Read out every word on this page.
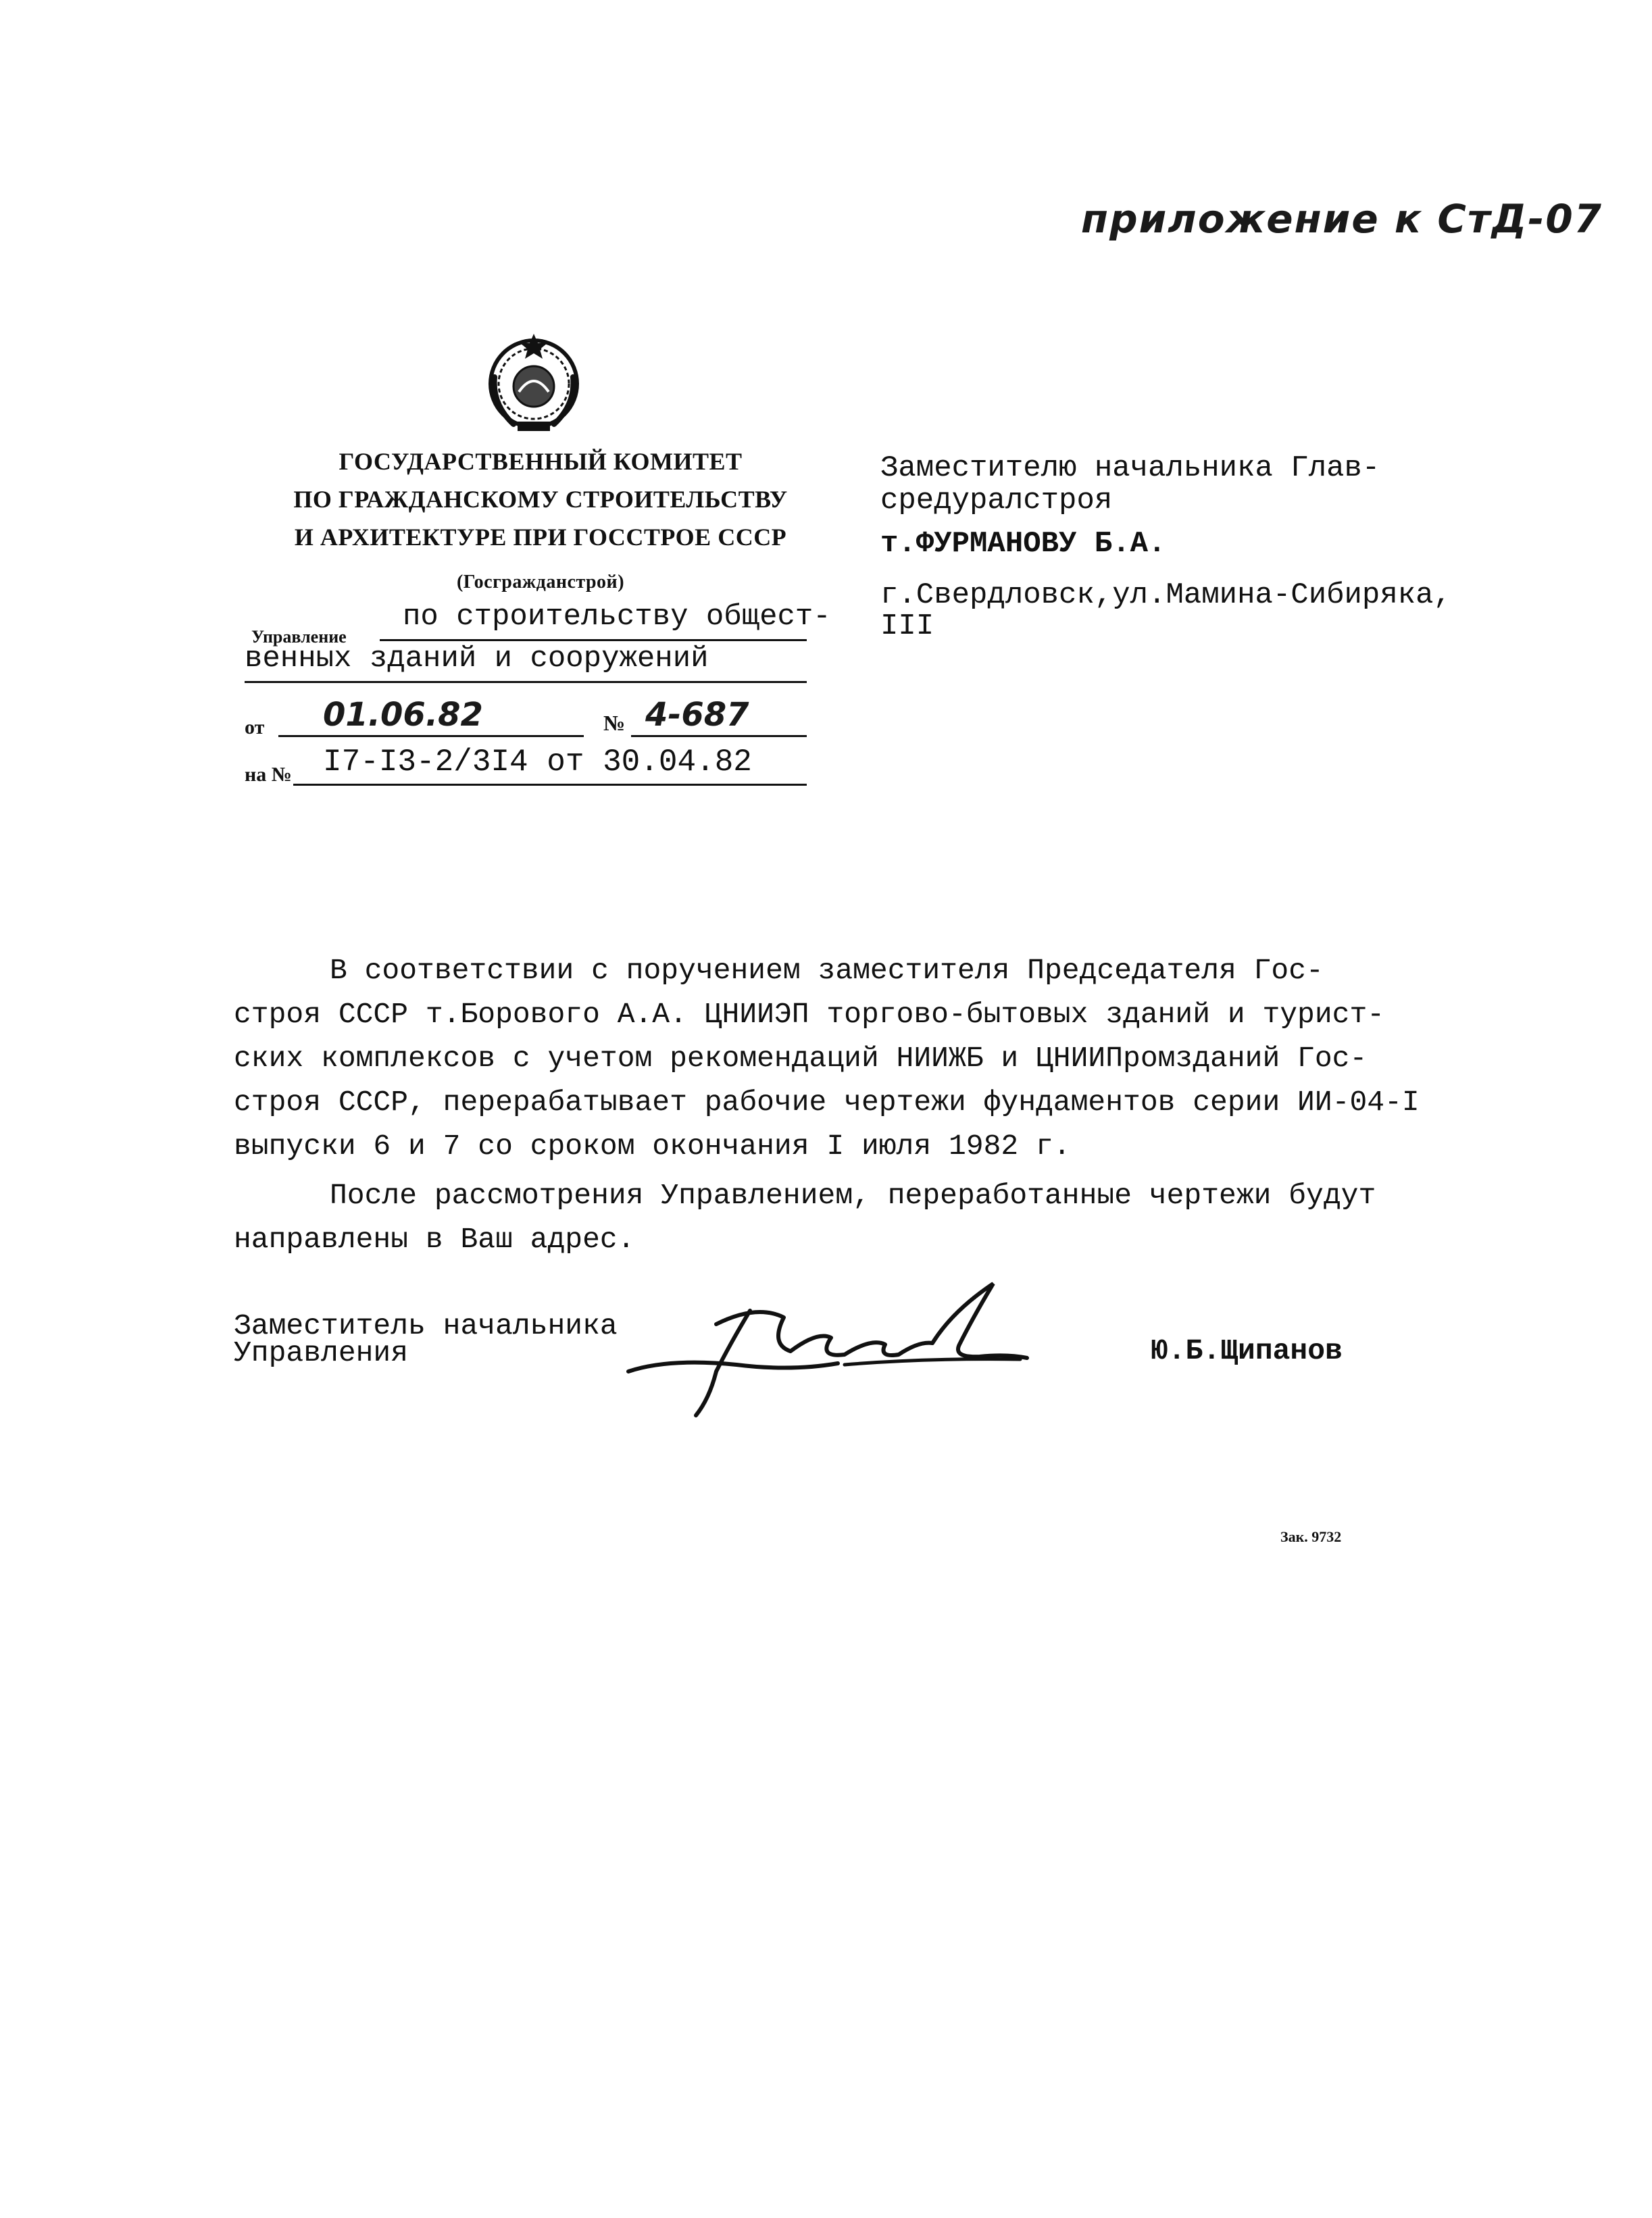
приложение к СтД-07
ГОСУДАРСТВЕННЫЙ КОМИТЕТ
ПО ГРАЖДАНСКОМУ СТРОИТЕЛЬСТВУ
И АРХИТЕКТУРЕ ПРИ ГОССТРОЕ СССР
(Госгражданстрой)
Управление
по строительству общест-
венных зданий и сооружений
от 01.06.82	№ 4-687
на № I7-I3-2/3I4 от 30.04.82
Заместителю начальника Глав-
средуралстроя
т.ФУРМАНОВУ Б.А.
г.Свердловск,ул.Мамина-Сибиряка,
III
В соответствии с поручением заместителя Председателя Гос-
строя СССР т.Борового А.А. ЦНИИЭП торгово-бытовых зданий и турист-
ских комплексов с учетом рекомендаций НИИЖБ и ЦНИИПромзданий Гос-
строя СССР, перерабатывает рабочие чертежи фундаментов серии ИИ-04-I
выпуски 6 и 7 со сроком окончания I июля 1982 г.
После рассмотрения Управлением, переработанные чертежи будут
направлены в Ваш адрес.
Заместитель начальника
Управления	Ю.Б.Щипанов
Зак. 9732
